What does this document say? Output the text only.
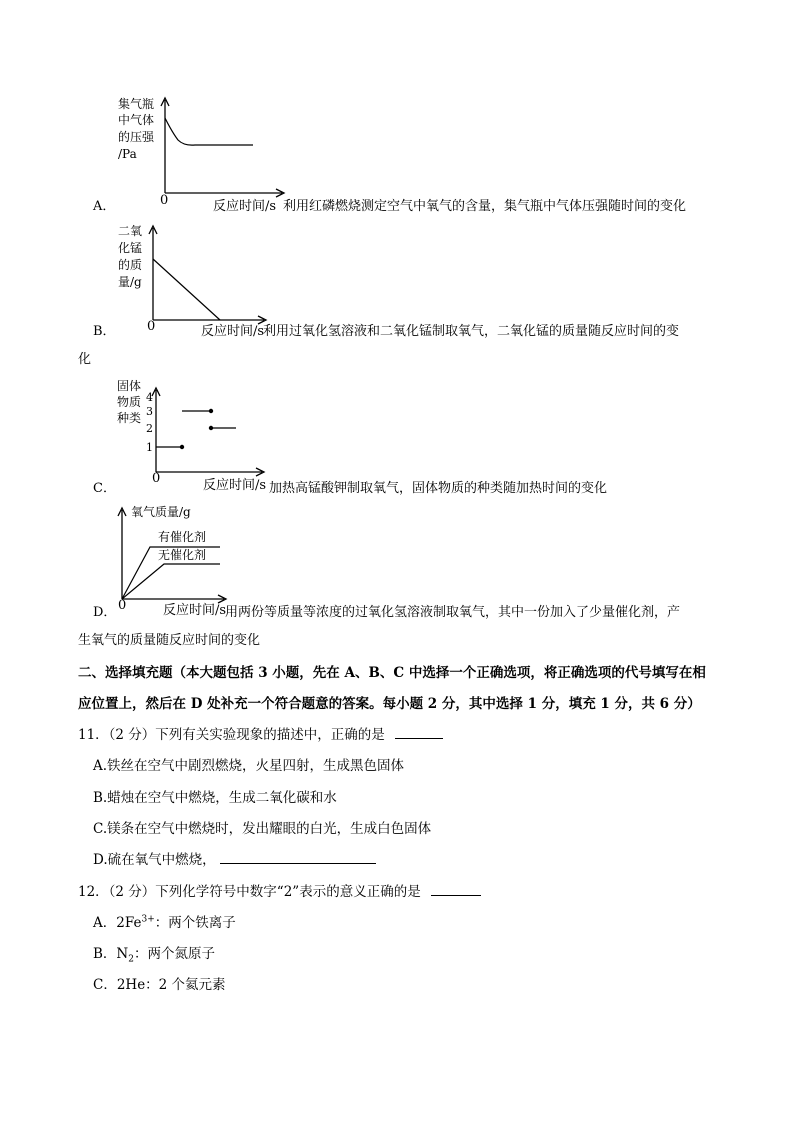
集气瓶
中气体
的压强
/Pa
A．	0	反应时间/s 利用红磷燃烧测定空气中氧气的含量，集气瓶中气体压强随时间的变化
二氧
化锰
的质
量/g
B． 0	反应时间/s
利用过氧化氢溶液和二氧化锰制取氧气，二氧化锰的质量随反应时间的变
化
固体
物质
种类
4
3
2
1
C．
0	反应时间/s 加热高锰酸钾制取氧气，固体物质的种类随加热时间的变化
氧气质量/g
有催化剂
无催化剂
D． 0	反应时间/s
用两份等质量等浓度的过氧化氢溶液制取氧气，其中一份加入了少量催化剂，产
生氧气的质量随反应时间的变化
二、选择填充题（本大题包括 3 小题，先在 A、B、C 中选择一个正确选项，将正确选项的代号填写在相
应位置上，然后在 D 处补充一个符合题意的答案。每小题 2 分，其中选择 1 分，填充 1 分，共 6 分）
11．（2 分）下列有关实验现象的描述中，正确的是
A.铁丝在空气中剧烈燃烧，火星四射，生成黑色固体
B.蜡烛在空气中燃烧，生成二氧化碳和水
C.镁条在空气中燃烧时，发出耀眼的白光，生成白色固体
D.硫在氧气中燃烧，
12．（2 分）下列化学符号中数字“2”表示的意义正确的是
A．$2Fe^{3+}$：两个铁离子
B．$N_2$：两个氮原子
C．2He：2 个氦元素
